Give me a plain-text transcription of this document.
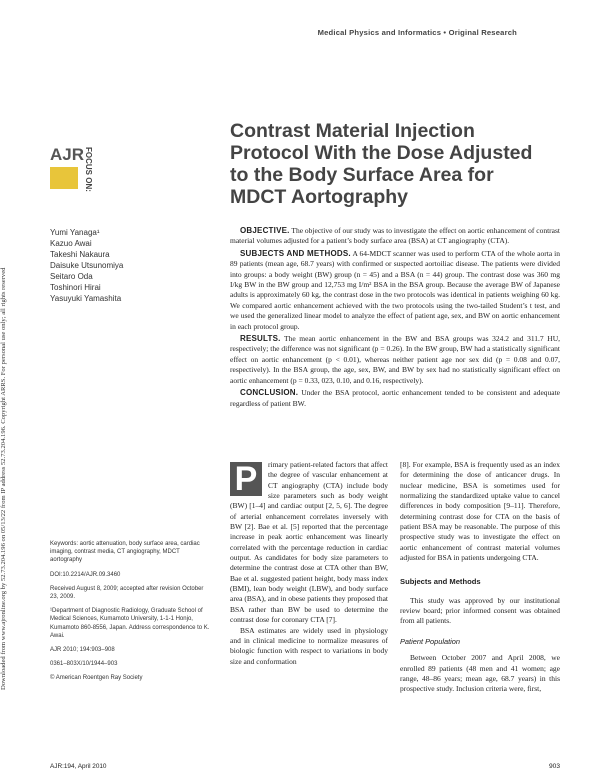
Downloaded from www.ajronline.org by 52.73.204.196 on 05/13/22 from IP address 52.73.204.196. Copyright ARRS. For personal use only; all rights reserved
Medical Physics and Informatics • Original Research
AJR FOCUS ON:
Contrast Material Injection Protocol With the Dose Adjusted to the Body Surface Area for MDCT Aortography
Yumi Yanaga¹
Kazuo Awai
Takeshi Nakaura
Daisuke Utsunomiya
Seitaro Oda
Toshinori Hirai
Yasuyuki Yamashita

OBJECTIVE. The objective of our study was to investigate the effect on aortic enhancement of contrast material volumes adjusted for a patient’s body surface area (BSA) at CT angiography (CTA).

SUBJECTS AND METHODS. A 64-MDCT scanner was used to perform CTA of the whole aorta in 89 patients (mean age, 68.7 years) with confirmed or suspected aortoiliac disease. The patients were divided into groups: a body weight (BW) group (n = 45) and a BSA (n = 44) group. The contrast dose was 360 mg I/kg BW in the BW group and 12,753 mg I/m² BSA in the BSA group. Because the average BW of Japanese adults is approximately 60 kg, the contrast dose in the two protocols was identical in patients weighing 60 kg. We compared aortic enhancement achieved with the two protocols using the two-tailed Student’s t test, and we used the generalized linear model to analyze the effect of patient age, sex, and BW on aortic enhancement in each protocol group.

RESULTS. The mean aortic enhancement in the BW and BSA groups was 324.2 and 311.7 HU, respectively; the difference was not significant (p = 0.26). In the BW group, BW had a statistically significant effect on aortic enhancement (p < 0.01), whereas neither patient age nor sex did (p = 0.08 and 0.07, respectively). In the BSA group, the age, sex, BW, and BW by sex had no statistically significant effect on aortic enhancement (p = 0.33, 023, 0.10, and 0.16, respectively).

CONCLUSION. Under the BSA protocol, aortic enhancement tended to be consistent and adequate regardless of patient BW.

Keywords: aortic attenuation, body surface area, cardiac imaging, contrast media, CT angiography, MDCT aortography

DOI:10.2214/AJR.09.3460

Received August 8, 2009; accepted after revision October 23, 2009.

¹Department of Diagnostic Radiology, Graduate School of Medical Sciences, Kumamoto University, 1-1-1 Honjo, Kumamoto 860-8556, Japan. Address correspondence to K. Awai.

AJR 2010; 194:903–908

0361–803X/10/1944–903

© American Roentgen Ray Society

P	rimary patient-related factors that affect the degree of vascular enhancement at CT angiography (CTA) include body size parameters such as body weight (BW) [1–4] and cardiac output [2, 5, 6]. The degree of arterial enhancement correlates inversely with BW [2]. Bae et al. [5] reported that the percentage increase in peak aortic enhancement was linearly correlated with the percentage reduction in cardiac output. As candidates for body size parameters to determine the contrast dose at CTA other than BW, Bae et al. suggested patient height, body mass index (BMI), lean body weight (LBW), and body surface area (BSA), and in obese patients they proposed that BSA rather than BW be used to determine the contrast dose for coronary CTA [7].

BSA estimates are widely used in physiology and in clinical medicine to normalize measures of biologic function with respect to variations in body size and conformation

[8]. For example, BSA is frequently used as an index for determining the dose of anticancer drugs. In nuclear medicine, BSA is sometimes used for normalizing the standardized uptake value to cancel differences in body composition [9–11]. Therefore, determining contrast dose for CTA on the basis of patient BSA may be reasonable. The purpose of this prospective study was to investigate the effect on aortic enhancement of contrast material volumes adjusted for BSA in patients undergoing CTA.

Subjects and Methods

This study was approved by our institutional review board; prior informed consent was obtained from all patients.

Patient Population

Between October 2007 and April 2008, we enrolled 89 patients (48 men and 41 women; age range, 48–86 years; mean age, 68.7 years) in this prospective study. Inclusion criteria were, first,

AJR:194, April 2010	903
